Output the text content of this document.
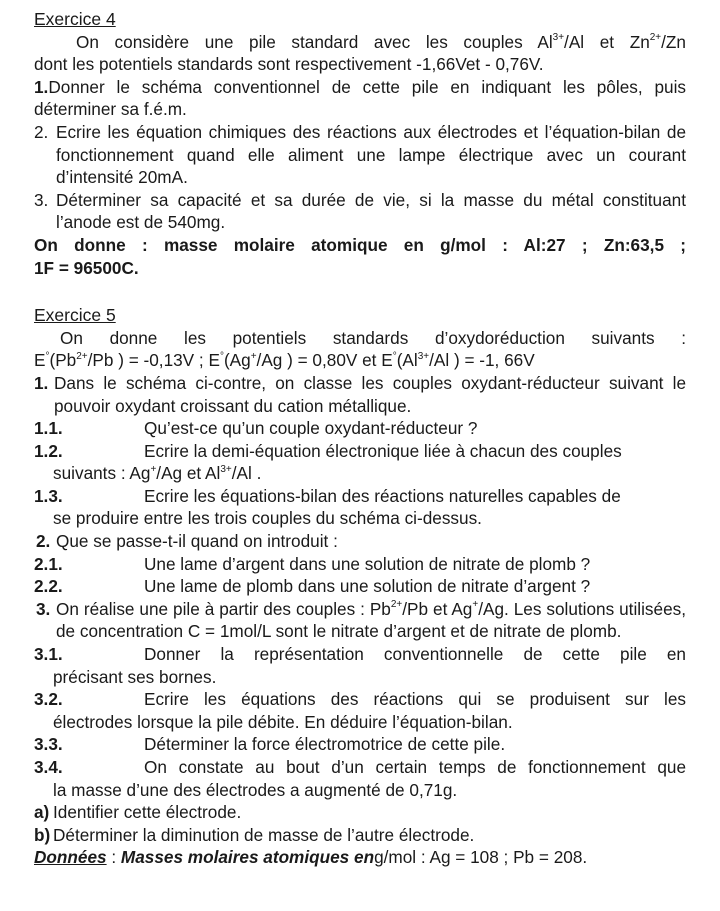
Exercice 4

On considère une pile standard avec les couples $Al^{3+}/Al$ et $Zn^{2+}/Zn$

dont les potentiels standards sont respectivement -1,66Vet - 0,76V.

1.Donner le schéma conventionnel de cette pile en indiquant les pôles, puis déterminer sa f.é.m.

2. Ecrire les équation chimiques des réactions aux électrodes et l’équation-bilan de fonctionnement quand elle aliment une lampe électrique avec un courant d’intensité 20mA.
3. Déterminer sa capacité et sa durée de vie, si la masse du métal constituant l’anode est de 540mg.

On donne : masse molaire atomique en g/mol : Al:27 ; Zn:63,5 ;

1F = 96500C.

Exercice 5

On donne les potentiels standards d’oxydoréduction suivants :

$E^\circ(Pb^{2+}/Pb$ ) = -0,13V ; E°(Ag+/Ag ) = 0,80V et $E^\circ(Al^{3+}/Al$ ) = -1, 66V

1. Dans le schéma ci-contre, on classe les couples oxydant-réducteur suivant le pouvoir oxydant croissant du cation métallique.
1.1.	Qu’est-ce qu’un couple oxydant-réducteur ?
1.2.	Ecrire la demi-équation électronique liée à chacun des couples

suivants : Ag+/Ag et $Al^{3+}/Al$ .

1.3.	Ecrire les équations-bilan des réactions naturelles capables de

se produire entre les trois couples du schéma ci-dessus.

2. Que se passe-t-il quand on introduit :
2.1.	Une lame d’argent dans une solution de nitrate de plomb ?
2.2.	Une lame de plomb dans une solution de nitrate d’argent ?
3. On réalise une pile à partir des couples : $Pb^{2+}/Pb$ et Ag+/Ag. Les solutions utilisées, de concentration C = 1mol/L sont le nitrate d’argent et de nitrate de plomb.
3.1.	Donner la représentation conventionnelle de cette pile en

précisant ses bornes.

3.2.	Ecrire les équations des réactions qui se produisent sur les

électrodes lorsque la pile débite. En déduire l’équation-bilan.

3.3.	Déterminer la force électromotrice de cette pile.
3.4.	On constate au bout d’un certain temps de fonctionnement que

la masse d’une des électrodes a augmenté de 0,71g.

a) Identifier cette électrode.
b) Déterminer la diminution de masse de l’autre électrode.

Données : Masses molaires atomiques eng/mol : Ag = 108 ; Pb = 208.
